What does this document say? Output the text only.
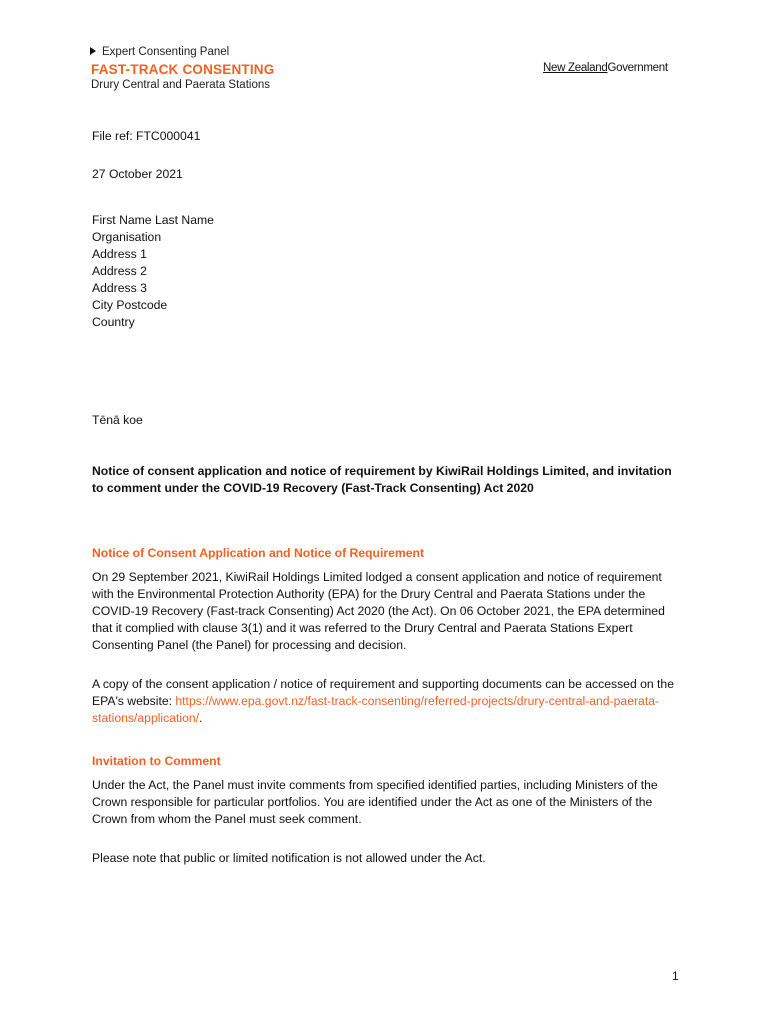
Expert Consenting Panel
FAST-TRACK CONSENTING
Drury Central and Paerata Stations
New ZealandGovernment
File ref: FTC000041
27 October 2021
First Name Last Name
Organisation
Address 1
Address 2
Address 3
City Postcode
Country
Tēnā koe
Notice of consent application and notice of requirement by KiwiRail Holdings Limited, and invitation to comment under the COVID-19 Recovery (Fast-Track Consenting) Act 2020
Notice of Consent Application and Notice of Requirement
On 29 September 2021, KiwiRail Holdings Limited lodged a consent application and notice of requirement with the Environmental Protection Authority (EPA) for the Drury Central and Paerata Stations under the COVID-19 Recovery (Fast-track Consenting) Act 2020 (the Act). On 06 October 2021, the EPA determined that it complied with clause 3(1) and it was referred to the Drury Central and Paerata Stations Expert Consenting Panel (the Panel) for processing and decision.
A copy of the consent application / notice of requirement and supporting documents can be accessed on the EPA's website: https://www.epa.govt.nz/fast-track-consenting/referred-projects/drury-central-and-paerata-stations/application/.
Invitation to Comment
Under the Act, the Panel must invite comments from specified identified parties, including Ministers of the Crown responsible for particular portfolios. You are identified under the Act as one of the Ministers of the Crown from whom the Panel must seek comment.
Please note that public or limited notification is not allowed under the Act.
1
